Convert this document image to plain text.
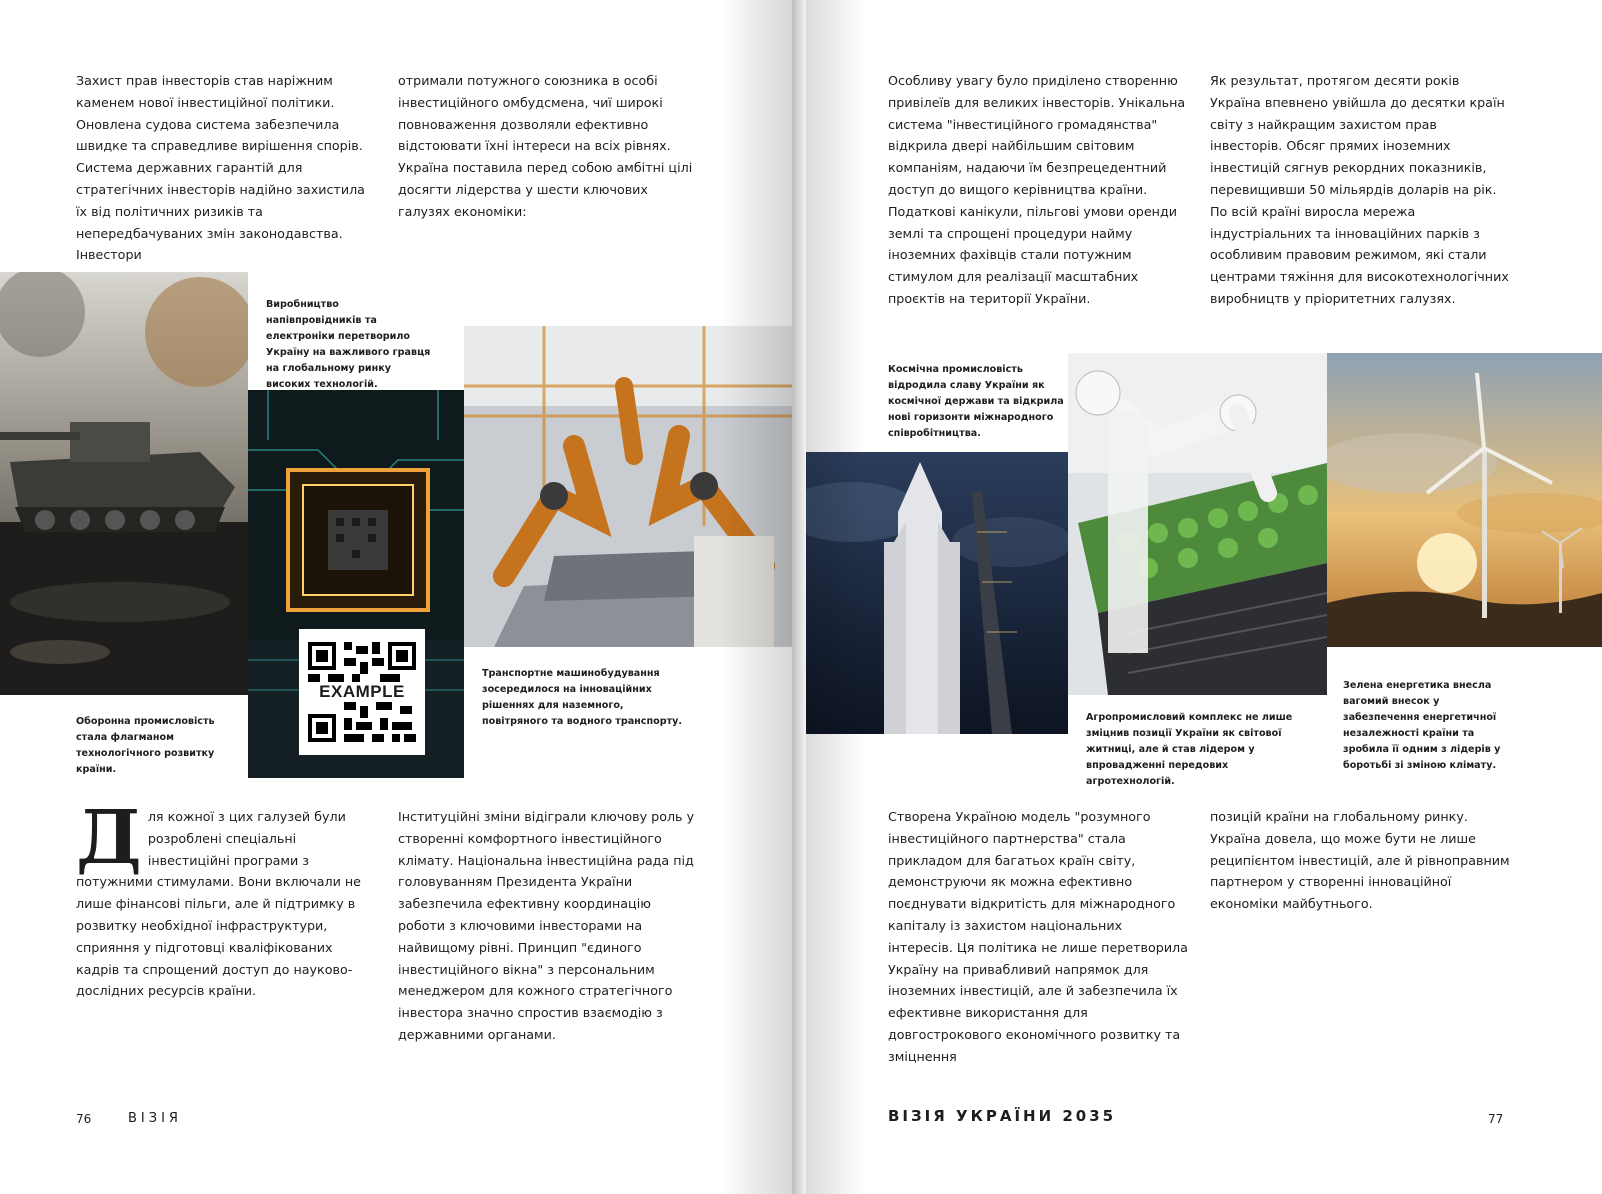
Захист прав інвесторів став наріжним каменем нової інвестиційної політики. Оновлена судова система забезпечила швидке та справедливе вирішення спорів. Система державних гарантій для стратегічних інвесторів надійно захистила їх від політичних ризиків та непередбачуваних змін законодавства. Інвестори

отримали потужного союзника в особі інвестиційного омбудсмена, чиї широкі повноваження дозволяли ефективно відстоювати їхні інтереси на всіх рівнях. Україна поставила перед собою амбітні цілі досягти лідерства у шести ключових галузях економіки:

Виробництво напівпровідників та електроніки перетворило Україну на важливого гравця на глобальному ринку високих технологій.

EXAMPLE

Транспортне машинобудування зосередилося на інноваційних рішеннях для наземного, повітряного та водного транспорту.

Оборонна промисловість стала флагманом технологічного розвитку країни.

Для кожної з цих галузей були розроблені спеціальні інвестиційні програми з потужними стимулами. Вони включали не лише фінансові пільги, але й підтримку в розвитку необхідної інфраструктури, сприяння у підготовці кваліфікованих кадрів та спрощений доступ до науково-дослідних ресурсів країни.

Інституційні зміни відіграли ключову роль у створенні комфортного інвестиційного клімату. Національна інвестиційна рада під головуванням Президента України забезпечила ефективну координацію роботи з ключовими інвесторами на найвищому рівні. Принцип "єдиного інвестиційного вікна" з персональним менеджером для кожного стратегічного інвестора значно спростив взаємодію з державними органами.

76	ВІЗІЯ

Особливу увагу було приділено створенню привілеїв для великих інвесторів. Унікальна система "інвестиційного громадянства" відкрила двері найбільшим світовим компаніям, надаючи їм безпрецедентний доступ до вищого керівництва країни. Податкові канікули, пільгові умови оренди землі та спрощені процедури найму іноземних фахівців стали потужним стимулом для реалізації масштабних проєктів на території України.

Як результат, протягом десяти років Україна впевнено увійшла до десятки країн світу з найкращим захистом прав інвесторів. Обсяг прямих іноземних інвестицій сягнув рекордних показників, перевищивши 50 мільярдів доларів на рік. По всій країні виросла мережа індустріальних та інноваційних парків з особливим правовим режимом, які стали центрами тяжіння для високотехнологічних виробництв у пріоритетних галузях.

Космічна промисловість відродила славу України як космічної держави та відкрила нові горизонти міжнародного співробітництва.

Агропромисловий комплекс не лише зміцнив позиції України як світової житниці, але й став лідером у впровадженні передових агротехнологій.

Зелена енергетика внесла вагомий внесок у забезпечення енергетичної незалежності країни та зробила її одним з лідерів у боротьбі зі зміною клімату.

Створена Україною модель "розумного інвестиційного партнерства" стала прикладом для багатьох країн світу, демонструючи як можна ефективно поєднувати відкритість для міжнародного капіталу із захистом національних інтересів. Ця політика не лише перетворила Україну на привабливий напрямок для іноземних інвестицій, але й забезпечила їх ефективне використання для довгострокового економічного розвитку та зміцнення

позицій країни на глобальному ринку. Україна довела, що може бути не лише реципієнтом інвестицій, але й рівноправним партнером у створенні інноваційної економіки майбутнього.

ВІЗІЯ УКРАЇНИ 2035	77
